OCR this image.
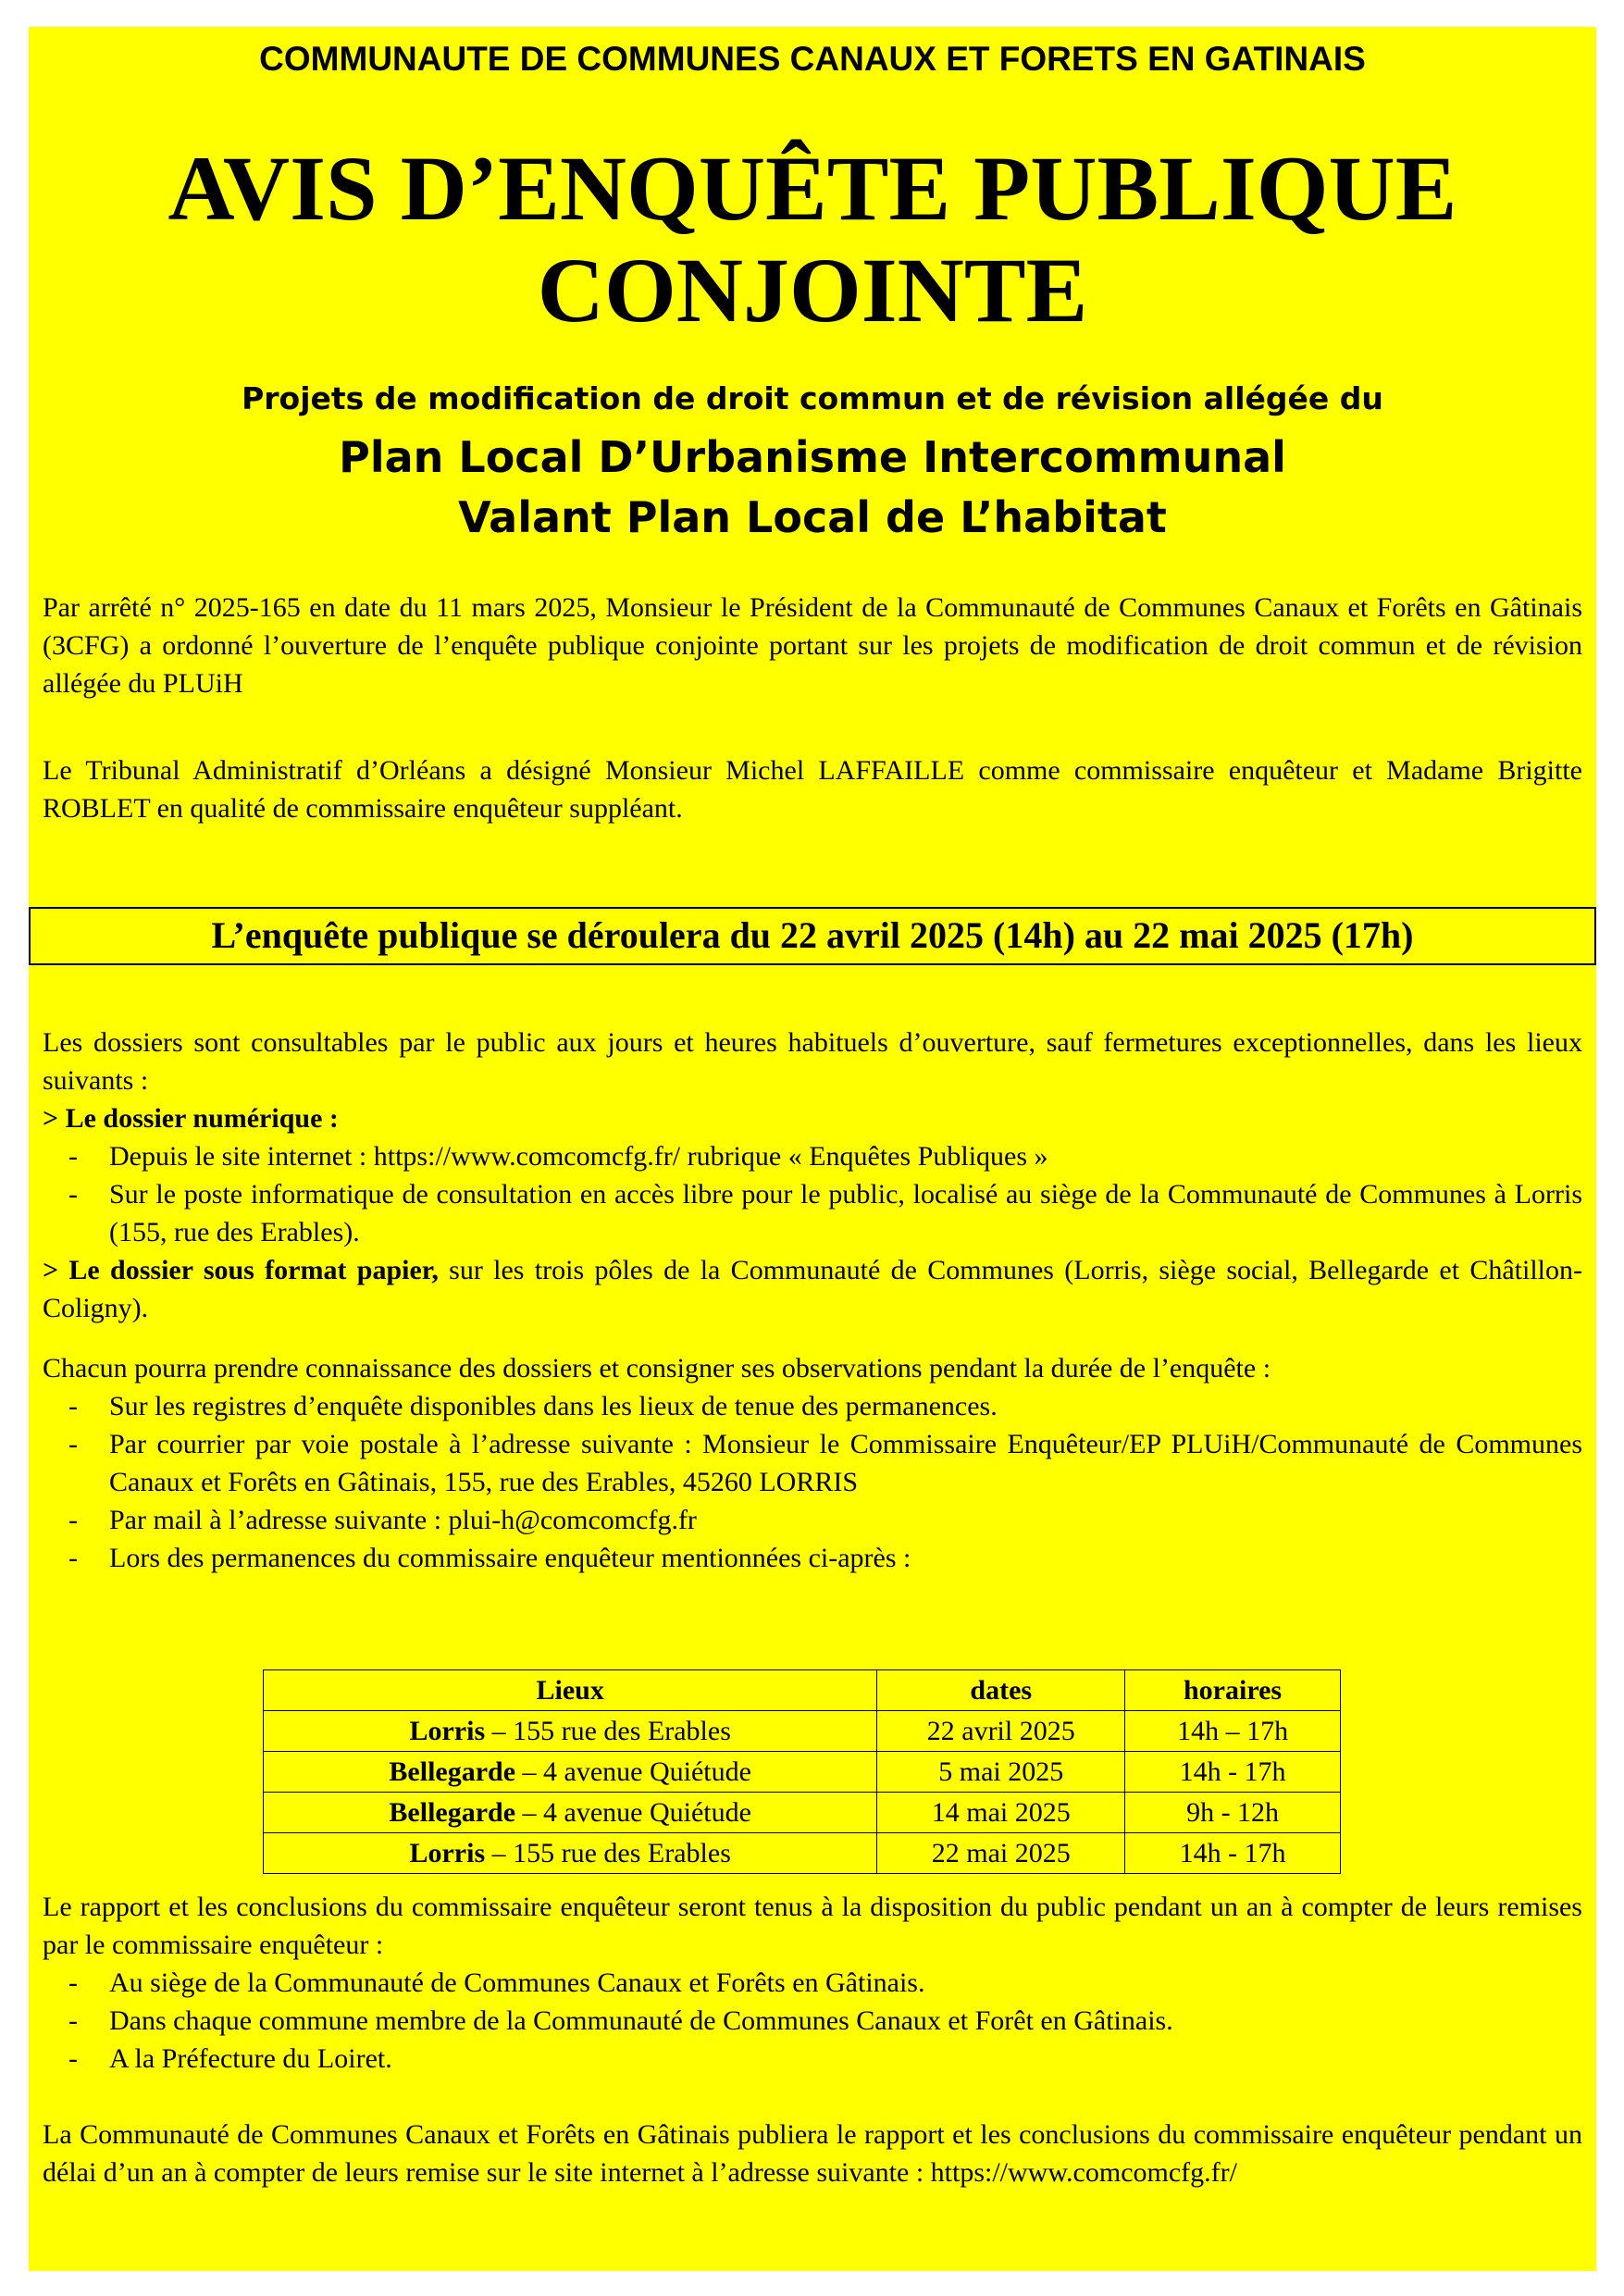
COMMUNAUTE DE COMMUNES CANAUX ET FORETS EN GATINAIS
AVIS D’ENQUÊTE PUBLIQUE
CONJOINTE
Projets de modification de droit commun et de révision allégée du
Plan Local D’Urbanisme Intercommunal
Valant Plan Local de L’habitat
Par arrêté n° 2025-165 en date du 11 mars 2025, Monsieur le Président de la Communauté de Communes Canaux et Forêts en Gâtinais (3CFG) a ordonné l’ouverture de l’enquête publique conjointe portant sur les projets de modification de droit commun et de révision allégée du PLUiH
Le Tribunal Administratif d’Orléans a désigné Monsieur Michel LAFFAILLE comme commissaire enquêteur et Madame Brigitte ROBLET en qualité de commissaire enquêteur suppléant.
L’enquête publique se déroulera du 22 avril 2025 (14h) au 22 mai 2025 (17h)
Les dossiers sont consultables par le public aux jours et heures habituels d’ouverture, sauf fermetures exceptionnelles, dans les lieux suivants :
> Le dossier numérique :
- Depuis le site internet : https://www.comcomcfg.fr/ rubrique « Enquêtes Publiques »
- Sur le poste informatique de consultation en accès libre pour le public, localisé au siège de la Communauté de Communes à Lorris (155, rue des Erables).
> Le dossier sous format papier, sur les trois pôles de la Communauté de Communes (Lorris, siège social, Bellegarde et Châtillon-Coligny).
Chacun pourra prendre connaissance des dossiers et consigner ses observations pendant la durée de l’enquête :
- Sur les registres d’enquête disponibles dans les lieux de tenue des permanences.
- Par courrier par voie postale à l’adresse suivante : Monsieur le Commissaire Enquêteur/EP PLUiH/Communauté de Communes Canaux et Forêts en Gâtinais, 155, rue des Erables, 45260 LORRIS
- Par mail à l’adresse suivante : plui-h@comcomcfg.fr
- Lors des permanences du commissaire enquêteur mentionnées ci-après :
Lieux	dates	horaires
Lorris – 155 rue des Erables	22 avril 2025	14h – 17h
Bellegarde – 4 avenue Quiétude	5 mai 2025	14h - 17h
Bellegarde – 4 avenue Quiétude	14 mai 2025	9h - 12h
Lorris – 155 rue des Erables	22 mai 2025	14h - 17h
Le rapport et les conclusions du commissaire enquêteur seront tenus à la disposition du public pendant un an à compter de leurs remises par le commissaire enquêteur :
- Au siège de la Communauté de Communes Canaux et Forêts en Gâtinais.
- Dans chaque commune membre de la Communauté de Communes Canaux et Forêt en Gâtinais.
- A la Préfecture du Loiret.
La Communauté de Communes Canaux et Forêts en Gâtinais publiera le rapport et les conclusions du commissaire enquêteur pendant un délai d’un an à compter de leurs remise sur le site internet à l’adresse suivante : https://www.comcomcfg.fr/
